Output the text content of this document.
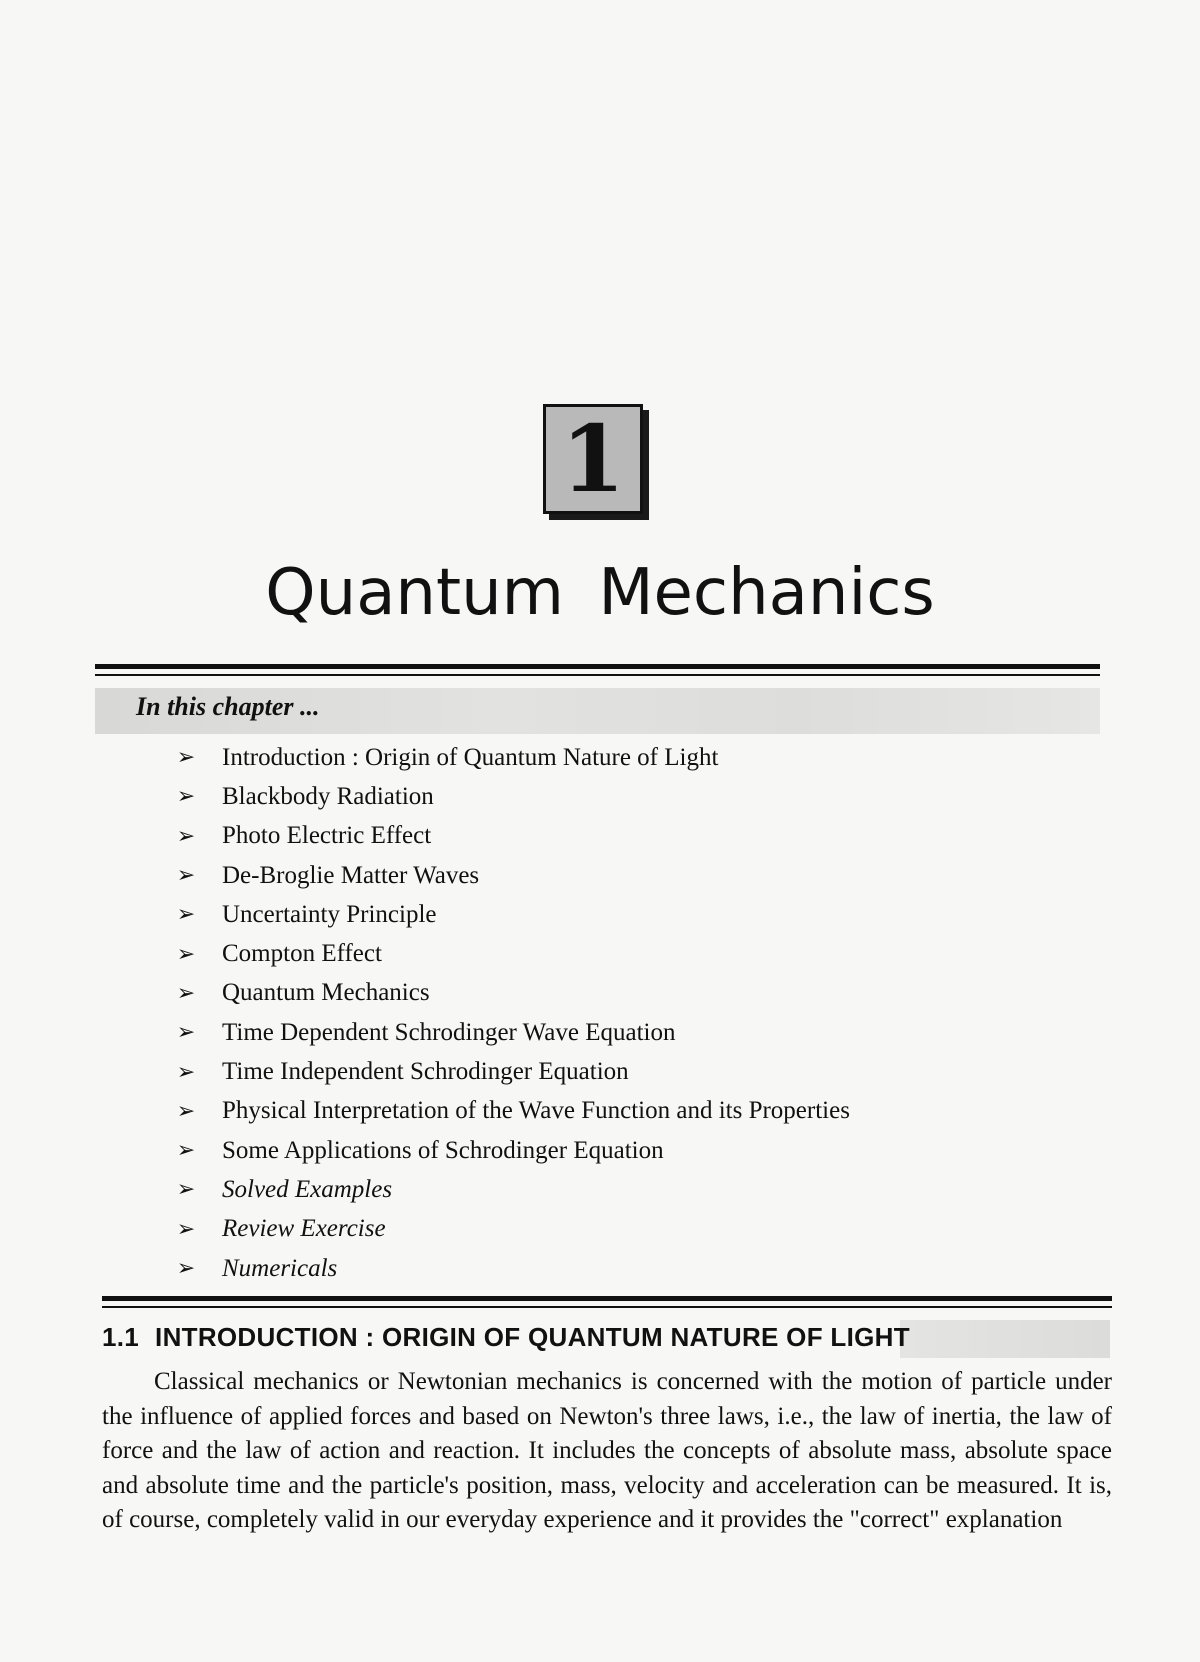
1
Quantum Mechanics
In this chapter ...
➢	Introduction : Origin of Quantum Nature of Light
➢	Blackbody Radiation
➢	Photo Electric Effect
➢	De-Broglie Matter Waves
➢	Uncertainty Principle
➢	Compton Effect
➢	Quantum Mechanics
➢	Time Dependent Schrodinger Wave Equation
➢	Time Independent Schrodinger Equation
➢	Physical Interpretation of the Wave Function and its Properties
➢	Some Applications of Schrodinger Equation
➢	Solved Examples
➢	Review Exercise
➢	Numericals
1.1 INTRODUCTION : ORIGIN OF QUANTUM NATURE OF LIGHT

Classical mechanics or Newtonian mechanics is concerned with the motion of particle under the influence of applied forces and based on Newton's three laws, i.e., the law of inertia, the law of force and the law of action and reaction. It includes the concepts of absolute mass, absolute space and absolute time and the particle's position, mass, velocity and acceleration can be measured. It is, of course, completely valid in our everyday experience and it provides the "correct" explanation
